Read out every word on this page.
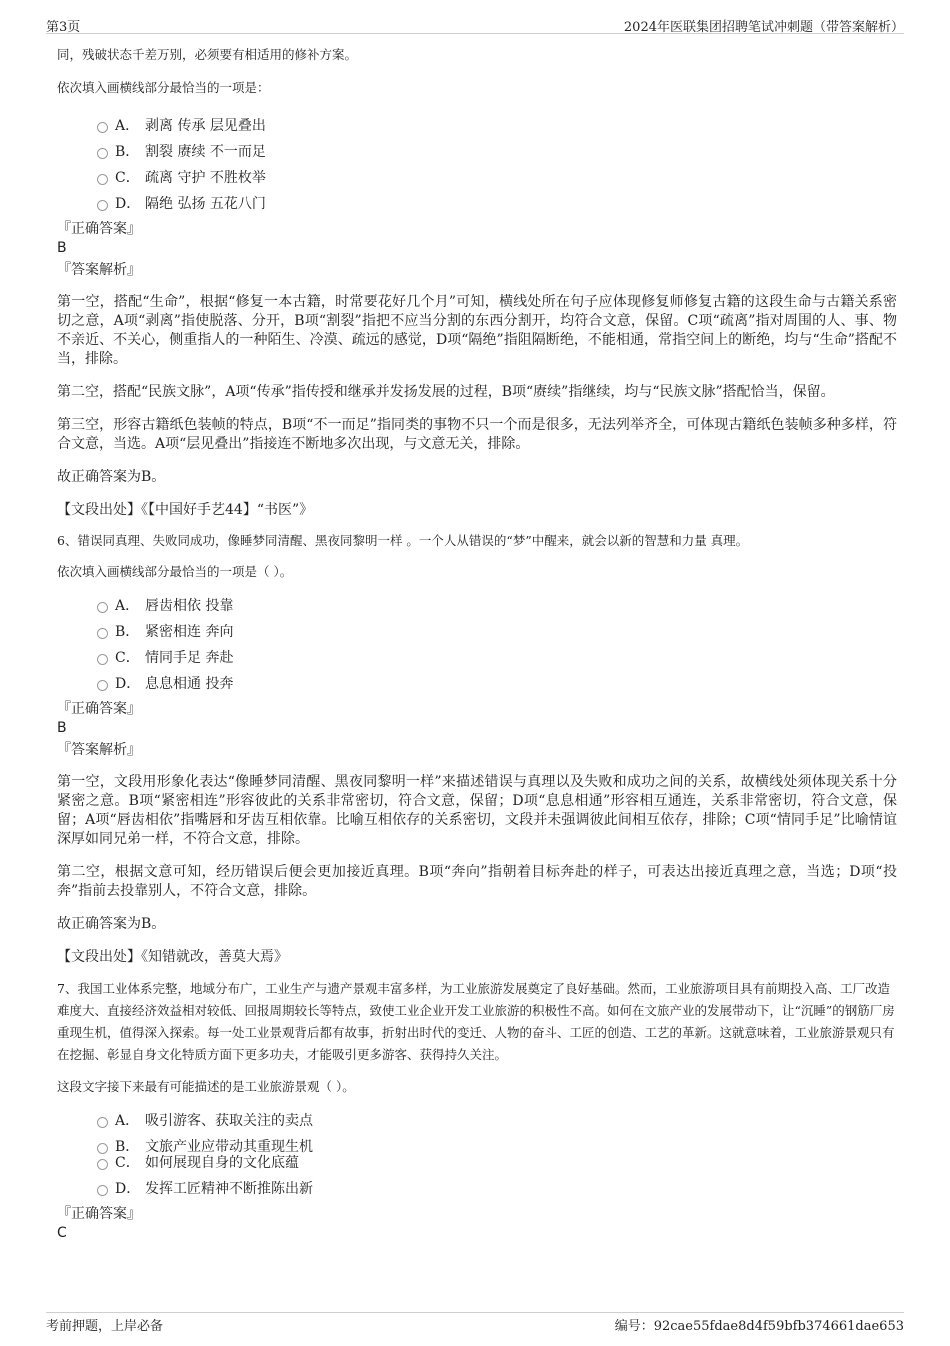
第3页	2024年医联集团招聘笔试冲刺题（带答案解析）

同，残破状态千差万别，必须要有相适用的修补方案。

依次填入画横线部分最恰当的一项是：

A． 剥离 传承 层见叠出
B． 割裂 赓续 不一而足
C． 疏离 守护 不胜枚举
D． 隔绝 弘扬 五花八门

『正确答案』

B

『答案解析』

第一空，搭配“生命”，根据“修复一本古籍，时常要花好几个月”可知，横线处所在句子应体现修复师修复古籍的这段生命与古籍关系密切之意，A项“剥离”指使脱落、分开，B项“割裂”指把不应当分割的东西分割开，均符合文意，保留。C项“疏离”指对周围的人、事、物不亲近、不关心，侧重指人的一种陌生、冷漠、疏远的感觉，D项“隔绝”指阻隔断绝，不能相通，常指空间上的断绝，均与“生命”搭配不当，排除。

第二空，搭配“民族文脉”，A项“传承”指传授和继承并发扬发展的过程，B项“赓续”指继续，均与“民族文脉”搭配恰当，保留。

第三空，形容古籍纸色装帧的特点，B项“不一而足”指同类的事物不只一个而是很多，无法列举齐全，可体现古籍纸色装帧多种多样，符合文意，当选。A项“层见叠出”指接连不断地多次出现，与文意无关，排除。

故正确答案为B。

【文段出处】《【中国好手艺44】“书医”》

6、错误同真理、失败同成功，像睡梦同清醒、黑夜同黎明一样 。一个人从错误的“梦”中醒来，就会以新的智慧和力量 真理。

依次填入画横线部分最恰当的一项是（ ）。

A． 唇齿相依 投靠
B． 紧密相连 奔向
C． 情同手足 奔赴
D． 息息相通 投奔

『正确答案』

B

『答案解析』

第一空，文段用形象化表达“像睡梦同清醒、黑夜同黎明一样”来描述错误与真理以及失败和成功之间的关系，故横线处须体现关系十分紧密之意。B项“紧密相连”形容彼此的关系非常密切，符合文意，保留；D项“息息相通”形容相互通连，关系非常密切，符合文意，保留；A项“唇齿相依”指嘴唇和牙齿互相依靠。比喻互相依存的关系密切，文段并未强调彼此间相互依存，排除；C项“情同手足”比喻情谊深厚如同兄弟一样，不符合文意，排除。

第二空，根据文意可知，经历错误后便会更加接近真理。B项“奔向”指朝着目标奔赴的样子，可表达出接近真理之意，当选；D项“投奔”指前去投靠别人，不符合文意，排除。

故正确答案为B。

【文段出处】《知错就改，善莫大焉》

7、我国工业体系完整，地域分布广，工业生产与遗产景观丰富多样，为工业旅游发展奠定了良好基础。然而，工业旅游项目具有前期投入高、工厂改造难度大、直接经济效益相对较低、回报周期较长等特点，致使工业企业开发工业旅游的积极性不高。如何在文旅产业的发展带动下，让“沉睡”的钢筋厂房重现生机，值得深入探索。每一处工业景观背后都有故事，折射出时代的变迁、人物的奋斗、工匠的创造、工艺的革新。这就意味着，工业旅游景观只有在挖掘、彰显自身文化特质方面下更多功夫，才能吸引更多游客、获得持久关注。

这段文字接下来最有可能描述的是工业旅游景观（ ）。

A． 吸引游客、获取关注的卖点
B． 文旅产业应带动其重现生机
C． 如何展现自身的文化底蕴
D． 发挥工匠精神不断推陈出新

『正确答案』

C

考前押题，上岸必备	编号：92cae55fdae8d4f59bfb374661dae653
